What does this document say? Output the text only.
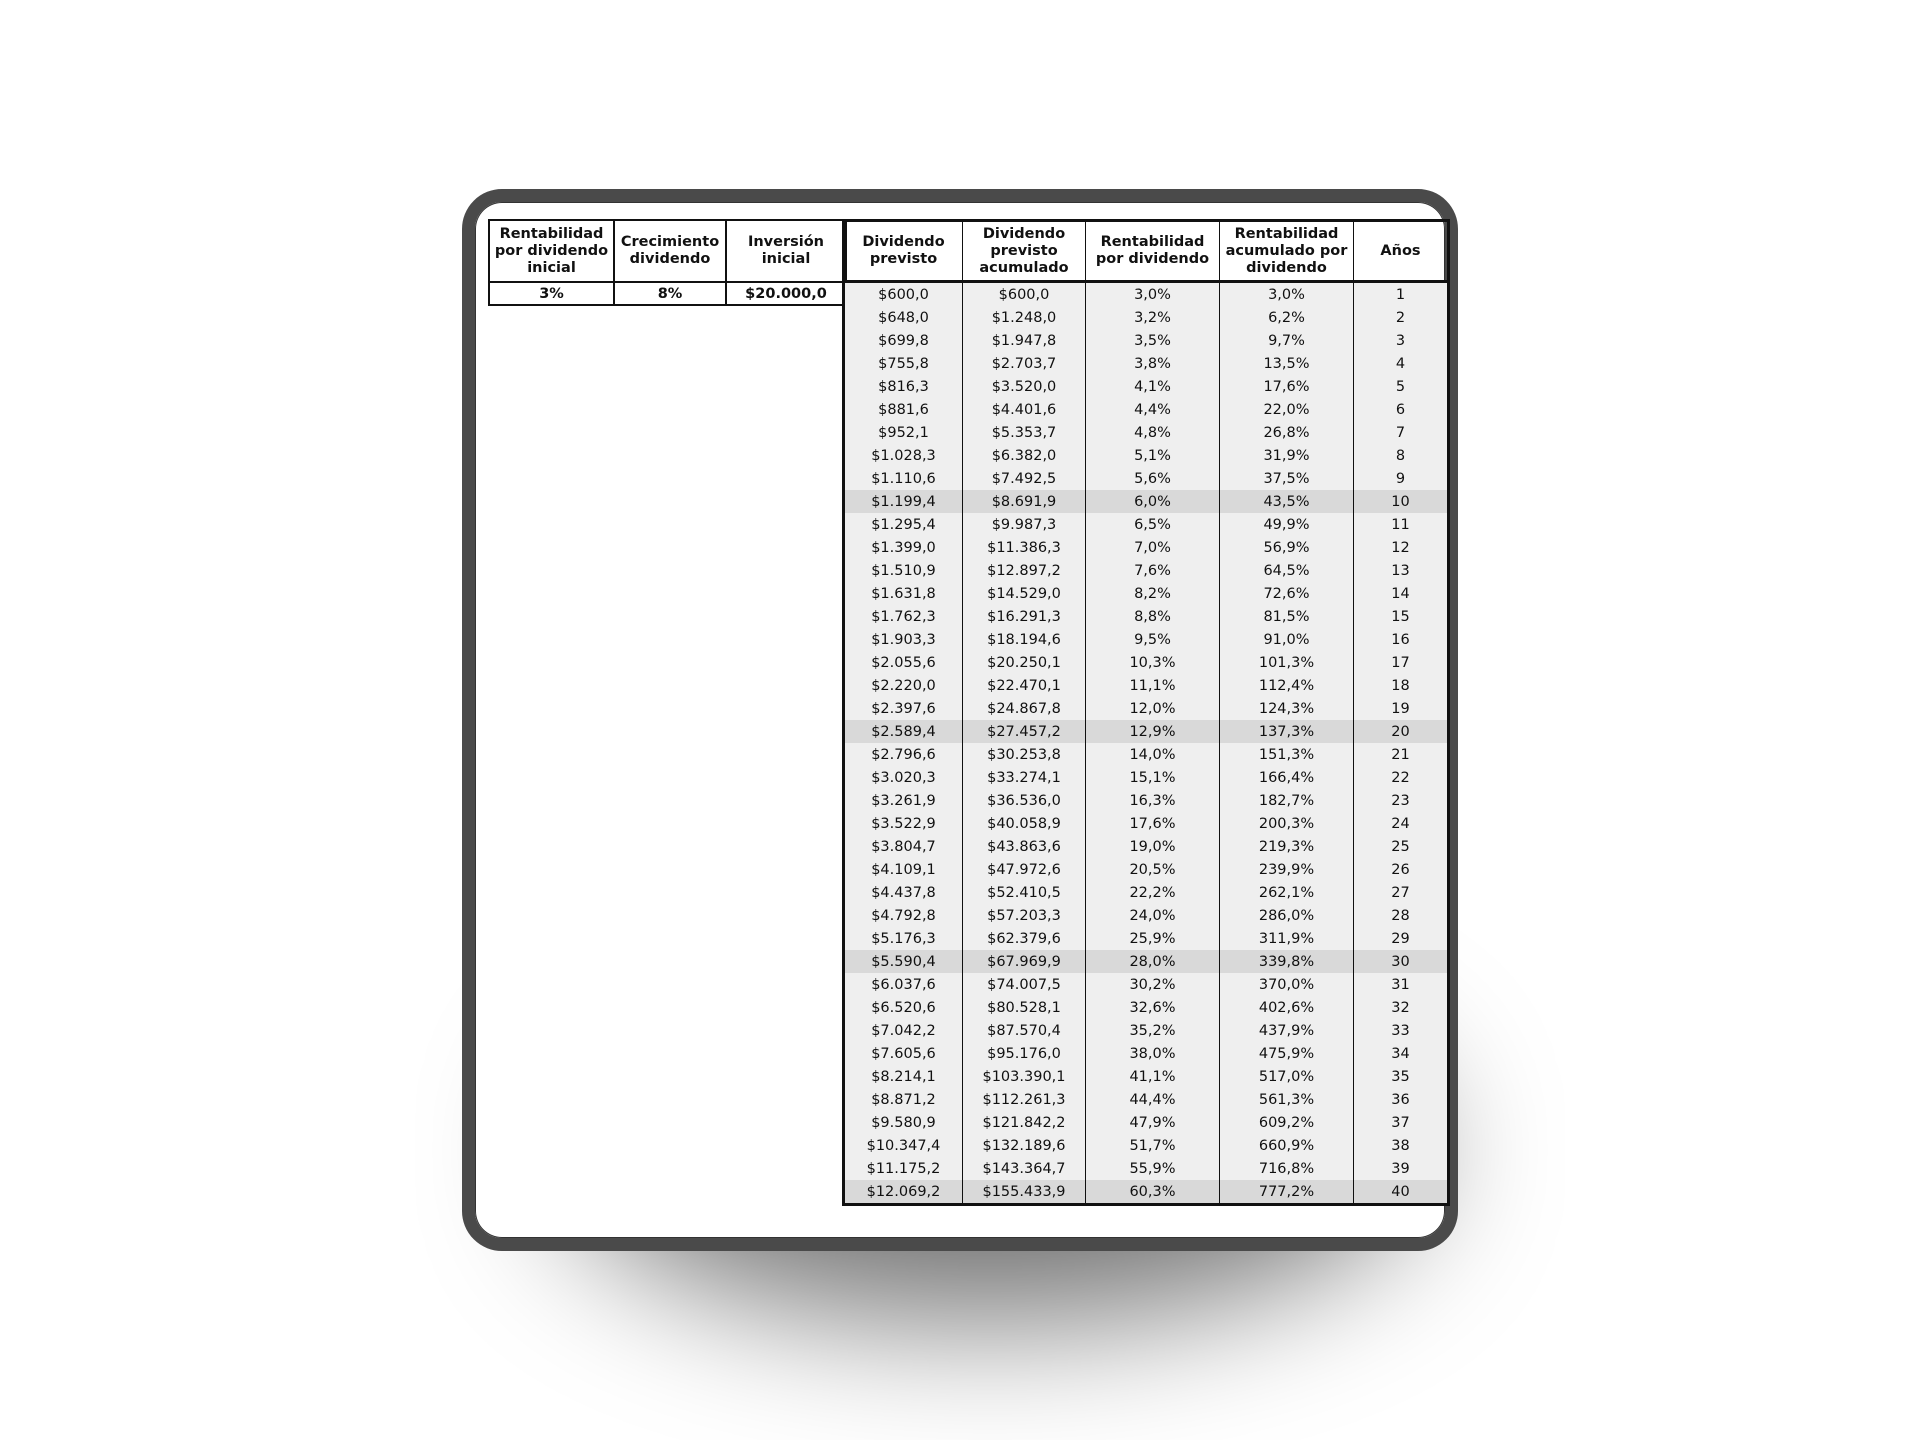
Rentabilidad por dividendo inicial	Crecimiento dividendo	Inversión inicial
3%	8%	$20.000,0
Dividendo previsto	Dividendo previsto acumulado	Rentabilidad por dividendo	Rentabilidad acumulado por dividendo	Años
$600,0	$600,0	3,0%	3,0%	1
$648,0	$1.248,0	3,2%	6,2%	2
$699,8	$1.947,8	3,5%	9,7%	3
$755,8	$2.703,7	3,8%	13,5%	4
$816,3	$3.520,0	4,1%	17,6%	5
$881,6	$4.401,6	4,4%	22,0%	6
$952,1	$5.353,7	4,8%	26,8%	7
$1.028,3	$6.382,0	5,1%	31,9%	8
$1.110,6	$7.492,5	5,6%	37,5%	9
$1.199,4	$8.691,9	6,0%	43,5%	10
$1.295,4	$9.987,3	6,5%	49,9%	11
$1.399,0	$11.386,3	7,0%	56,9%	12
$1.510,9	$12.897,2	7,6%	64,5%	13
$1.631,8	$14.529,0	8,2%	72,6%	14
$1.762,3	$16.291,3	8,8%	81,5%	15
$1.903,3	$18.194,6	9,5%	91,0%	16
$2.055,6	$20.250,1	10,3%	101,3%	17
$2.220,0	$22.470,1	11,1%	112,4%	18
$2.397,6	$24.867,8	12,0%	124,3%	19
$2.589,4	$27.457,2	12,9%	137,3%	20
$2.796,6	$30.253,8	14,0%	151,3%	21
$3.020,3	$33.274,1	15,1%	166,4%	22
$3.261,9	$36.536,0	16,3%	182,7%	23
$3.522,9	$40.058,9	17,6%	200,3%	24
$3.804,7	$43.863,6	19,0%	219,3%	25
$4.109,1	$47.972,6	20,5%	239,9%	26
$4.437,8	$52.410,5	22,2%	262,1%	27
$4.792,8	$57.203,3	24,0%	286,0%	28
$5.176,3	$62.379,6	25,9%	311,9%	29
$5.590,4	$67.969,9	28,0%	339,8%	30
$6.037,6	$74.007,5	30,2%	370,0%	31
$6.520,6	$80.528,1	32,6%	402,6%	32
$7.042,2	$87.570,4	35,2%	437,9%	33
$7.605,6	$95.176,0	38,0%	475,9%	34
$8.214,1	$103.390,1	41,1%	517,0%	35
$8.871,2	$112.261,3	44,4%	561,3%	36
$9.580,9	$121.842,2	47,9%	609,2%	37
$10.347,4	$132.189,6	51,7%	660,9%	38
$11.175,2	$143.364,7	55,9%	716,8%	39
$12.069,2	$155.433,9	60,3%	777,2%	40
